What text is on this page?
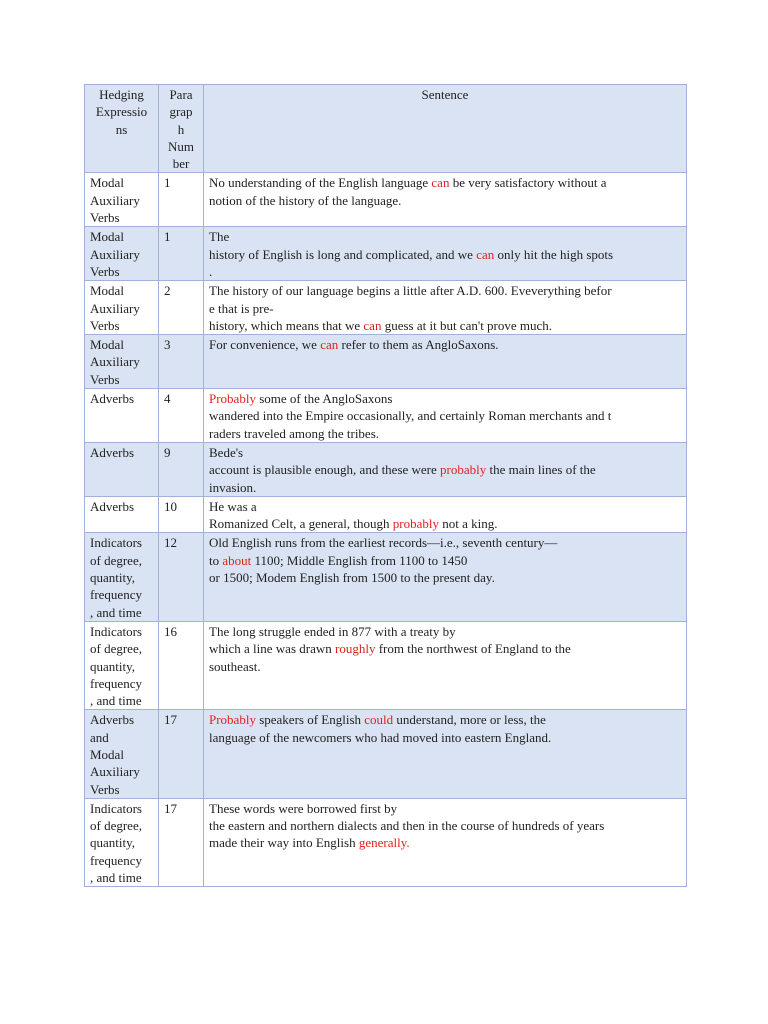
Hedging
Expressio
ns	Para
grap
h
Num
ber	Sentence

Modal
Auxiliary
Verbs	1	No understanding of the English language can be very satisfactory without a
notion of the history of the language.

Modal
Auxiliary
Verbs	1	The
history of English is long and complicated, and we can only hit the high spots
.

Modal
Auxiliary
Verbs	2	The history of our language begins a little after A.D. 600. Eveverything befor
e that is pre-
history, which means that we can guess at it but can't prove much.

Modal
Auxiliary
Verbs	3	For convenience, we can refer to them as AngloSaxons.

Adverbs	4	Probably some of the AngloSaxons
wandered into the Empire occasionally, and certainly Roman merchants and t
raders traveled among the tribes.

Adverbs	9	Bede's
account is plausible enough, and these were probably the main lines of the
invasion.

Adverbs	10	He was a
Romanized Celt, a general, though probably not a king.

Indicators
of degree,
quantity,
frequency
, and time	12	Old English runs from the earliest records—i.e., seventh century—
to about 1100; Middle English from 1100 to 1450
or 1500; Modem English from 1500 to the present day.

Indicators
of degree,
quantity,
frequency
, and time	16	The long struggle ended in 877 with a treaty by
which a line was drawn roughly from the northwest of England to the
southeast.

Adverbs
and
Modal
Auxiliary
Verbs	17	Probably speakers of English could understand, more or less, the
language of the newcomers who had moved into eastern England.

Indicators
of degree,
quantity,
frequency
, and time	17	These words were borrowed first by
the eastern and northern dialects and then in the course of hundreds of years
made their way into English generally.
